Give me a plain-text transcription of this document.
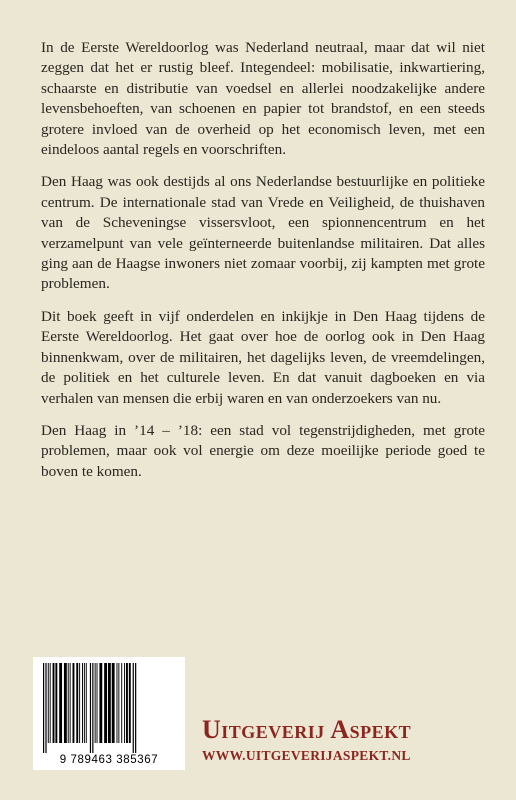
In de Eerste Wereldoorlog was Nederland neutraal, maar dat wil niet zeggen dat het er rustig bleef. Integendeel: mobilisatie, inkwartiering, schaarste en distributie van voedsel en allerlei noodzakelijke andere levensbehoeften, van schoenen en papier tot brandstof, en een steeds grotere invloed van de overheid op het economisch leven, met een eindeloos aantal regels en voorschriften.

Den Haag was ook destijds al ons Nederlandse bestuurlijke en politieke centrum. De internationale stad van Vrede en Veiligheid, de thuishaven van de Scheveningse vissersvloot, een spionnencentrum en het verzamelpunt van vele geïnterneerde buitenlandse militairen. Dat alles ging aan de Haagse inwoners niet zomaar voorbij, zij kampten met grote problemen.

Dit boek geeft in vijf onderdelen en inkijkje in Den Haag tijdens de Eerste Wereldoorlog. Het gaat over hoe de oorlog ook in Den Haag binnenkwam, over de militairen, het dagelijks leven, de vreemdelingen, de politiek en het culturele leven. En dat vanuit dagboeken en via verhalen van mensen die erbij waren en van onderzoekers van nu.

Den Haag in ’14 – ’18: een stad vol tegenstrijdigheden, met grote problemen, maar ook vol energie om deze moeilijke periode goed te boven te komen.

9 789463 385367
Uitgeverij Aspekt
WWW.UITGEVERIJASPEKT.NL
